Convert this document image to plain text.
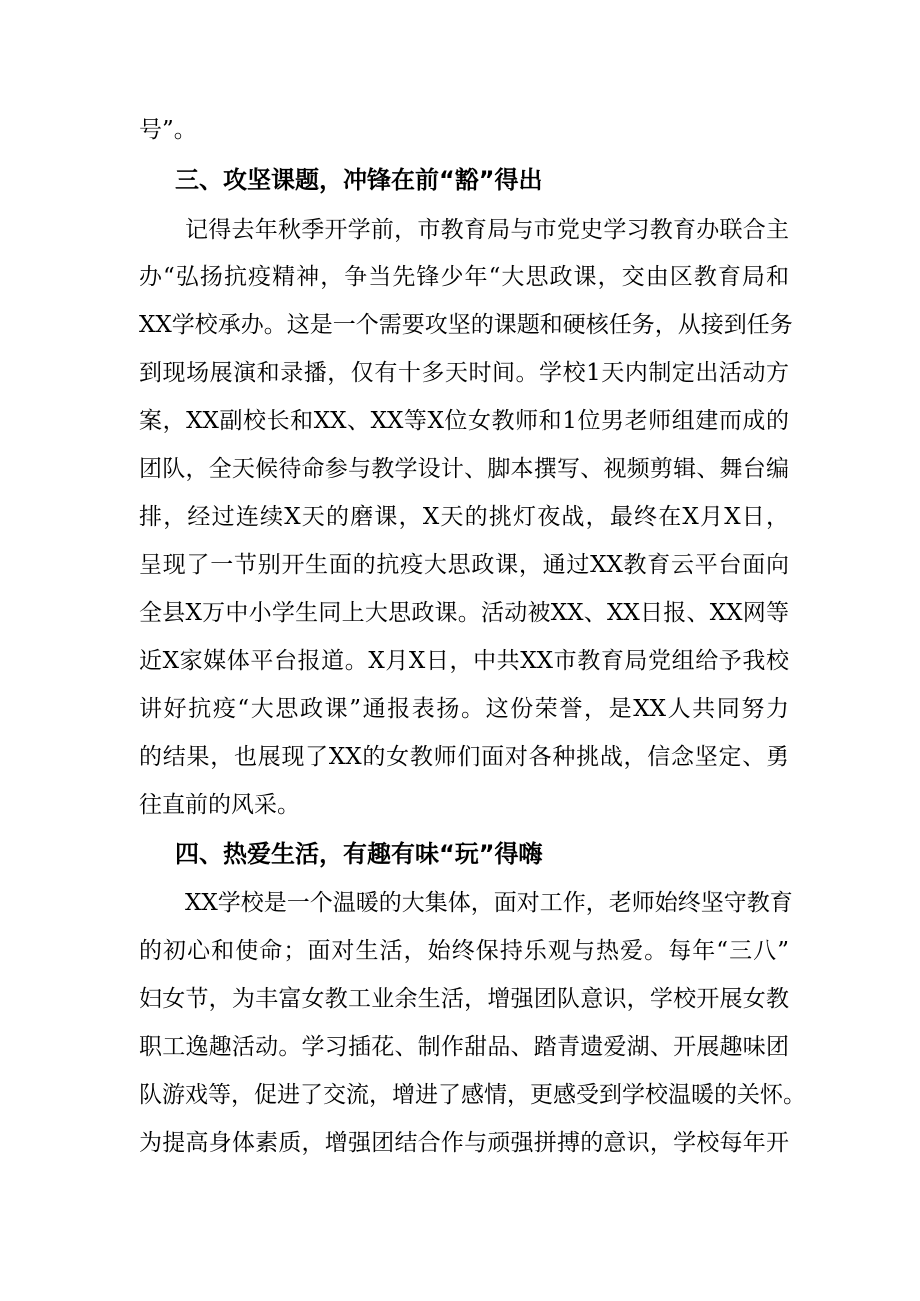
号”。
三、攻坚课题，冲锋在前“豁”得出
记得去年秋季开学前，市教育局与市党史学习教育办联合主
办“弘扬抗疫精神，争当先锋少年“大思政课，交由区教育局和
XX学校承办。这是一个需要攻坚的课题和硬核任务，从接到任务
到现场展演和录播，仅有十多天时间。学校1天内制定出活动方
案，XX副校长和XX、XX等X位女教师和1位男老师组建而成的
团队，全天候待命参与教学设计、脚本撰写、视频剪辑、舞台编
排，经过连续X天的磨课，X天的挑灯夜战，最终在X月X日，
呈现了一节别开生面的抗疫大思政课，通过XX教育云平台面向
全县X万中小学生同上大思政课。活动被XX、XX日报、XX网等
近X家媒体平台报道。X月X日，中共XX市教育局党组给予我校
讲好抗疫“大思政课”通报表扬。这份荣誉，是XX人共同努力
的结果，也展现了XX的女教师们面对各种挑战，信念坚定、勇
往直前的风采。
四、热爱生活，有趣有味“玩”得嗨
XX学校是一个温暖的大集体，面对工作，老师始终坚守教育
的初心和使命；面对生活，始终保持乐观与热爱。每年“三八”
妇女节，为丰富女教工业余生活，增强团队意识，学校开展女教
职工逸趣活动。学习插花、制作甜品、踏青遗爱湖、开展趣味团
队游戏等，促进了交流，增进了感情，更感受到学校温暖的关怀。
为提高身体素质，增强团结合作与顽强拼搏的意识，学校每年开
